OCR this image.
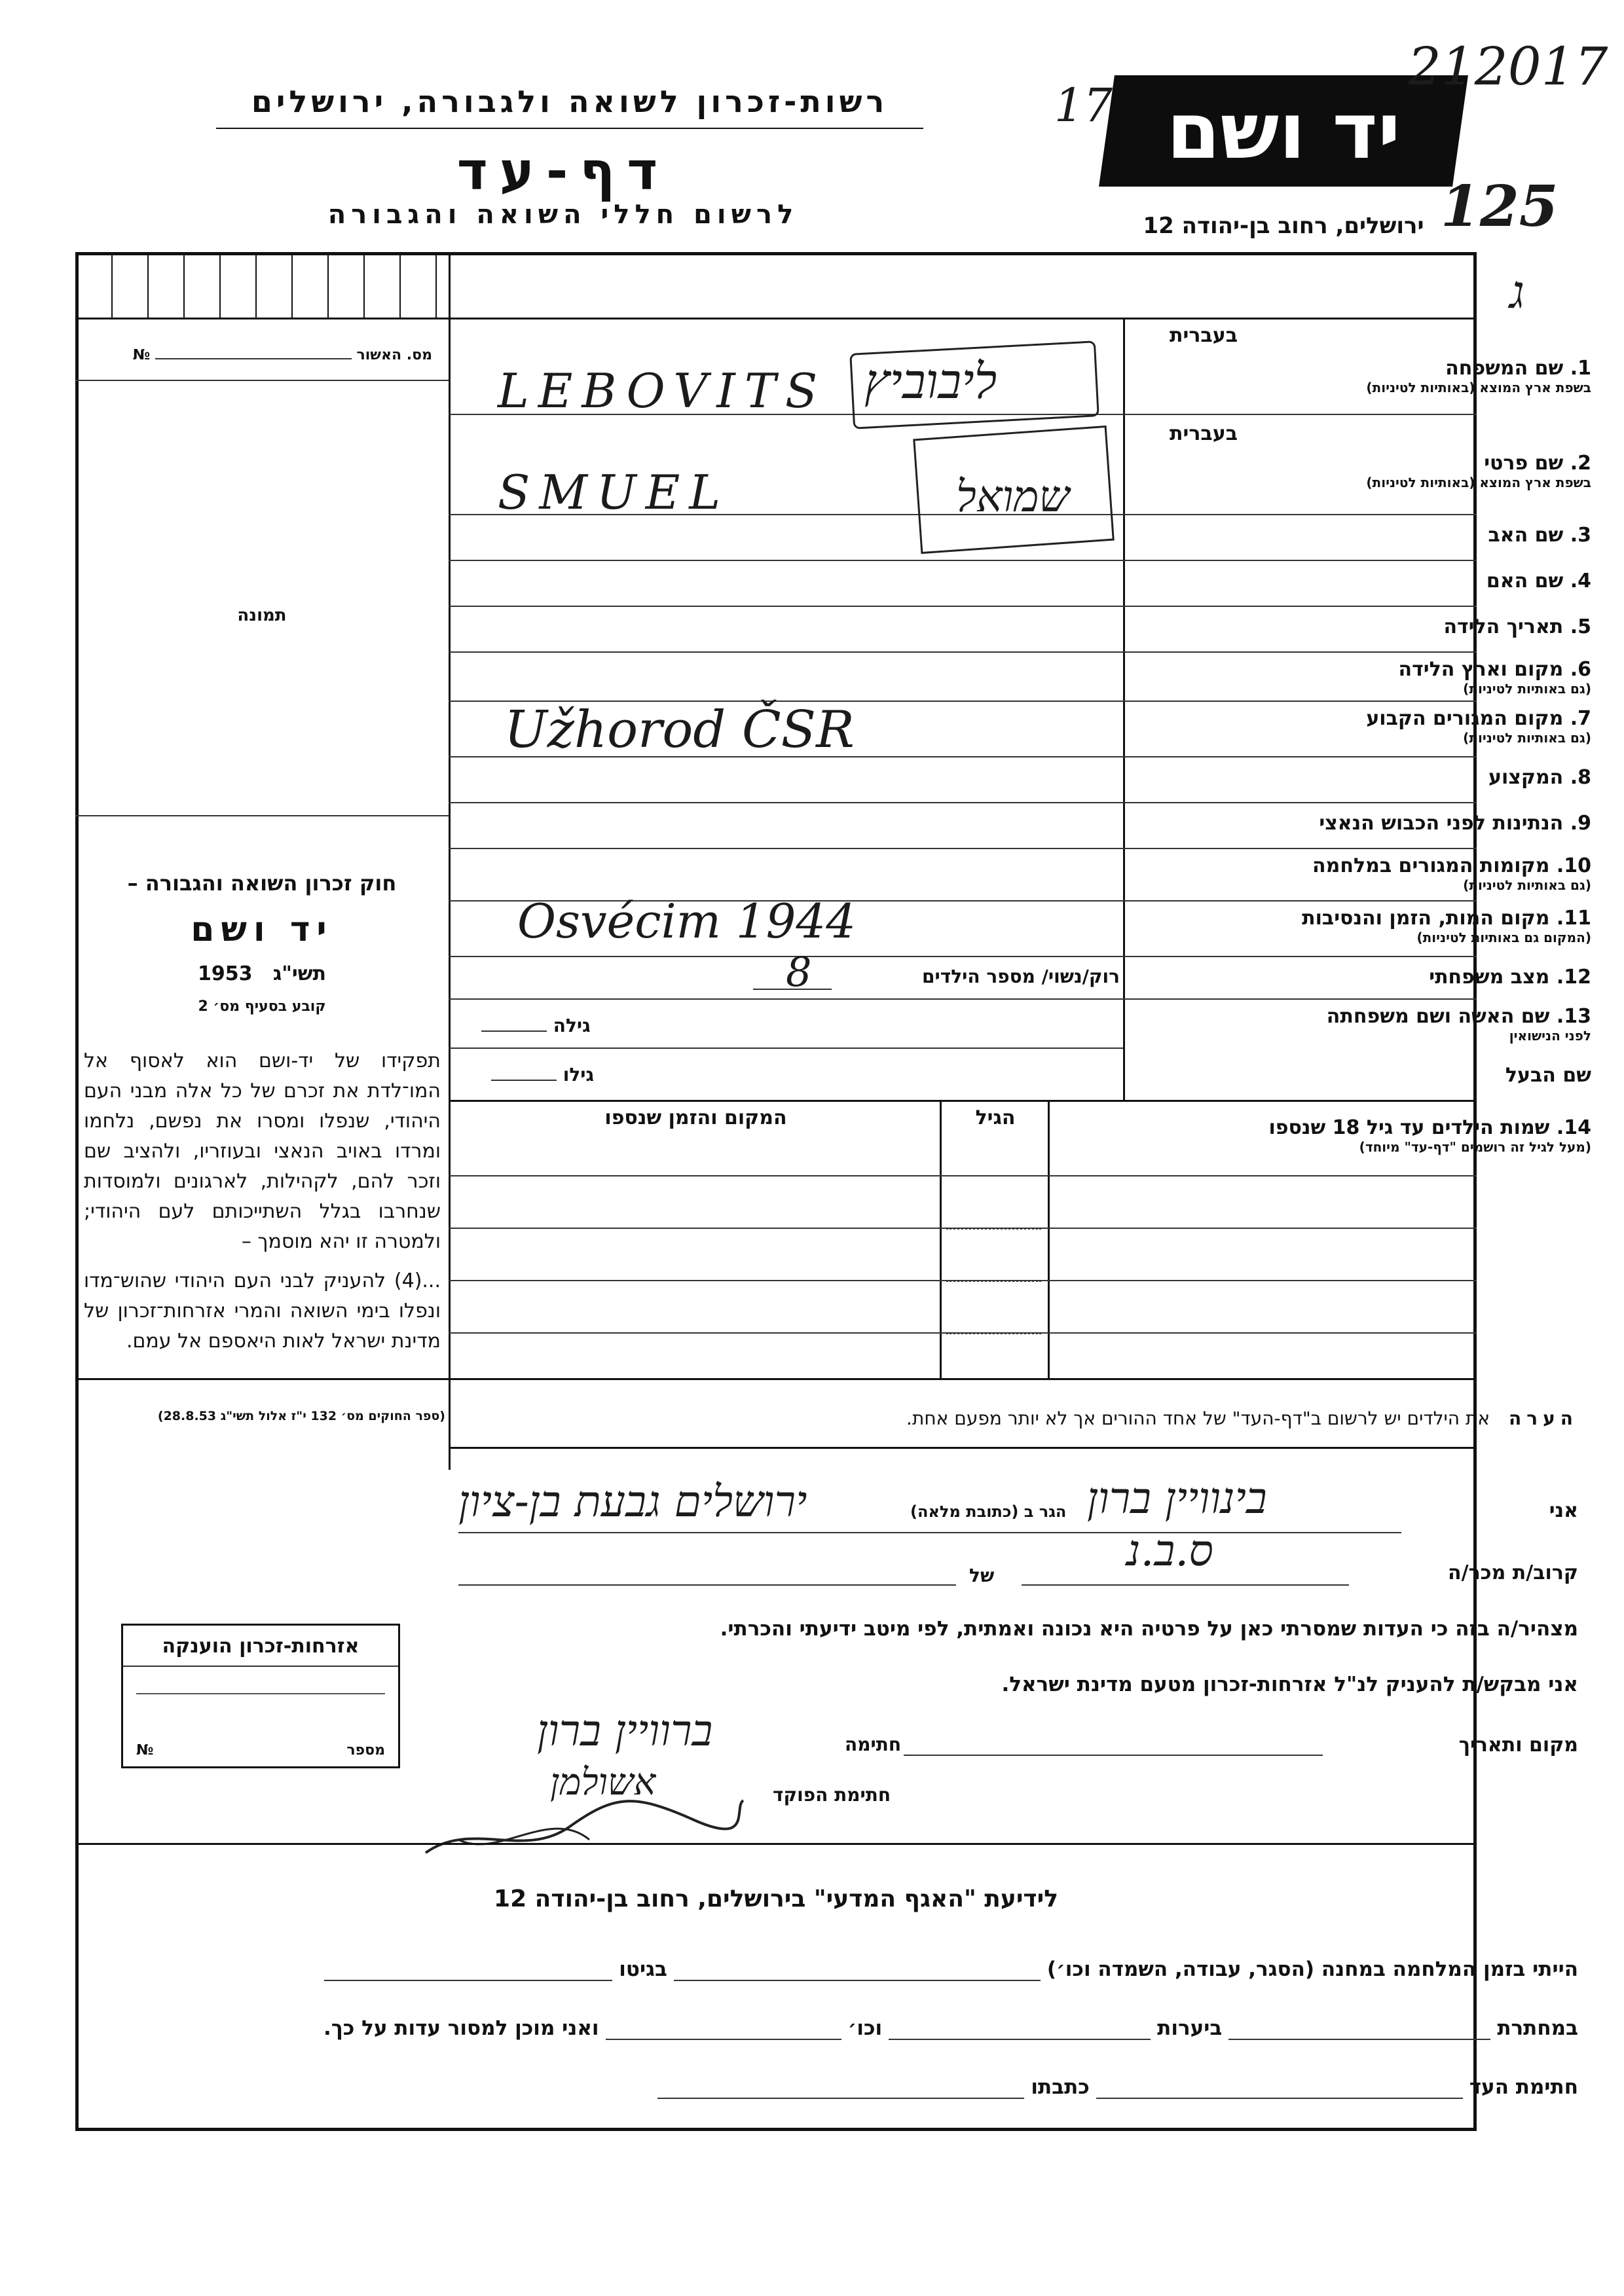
רשות-זכרון לשואה ולגבורה, ירושלים
דף-עד
לרשום חללי השואה והגבורה
יד ושם
17
212017
125
ג
ירושלים, רחוב בן-יהודה 12
מס. האשור  №
תמונה
חוק זכרון השואה והגבורה –
יד ושם
1953 תשי"ג
קובע בסעיף מס׳ 2
תפקידו של יד-ושם הוא לאסוף אל המו־לדת את זכרם של כל אלה מבני העם היהודי, שנפלו ומסרו את נפשם, נלחמו ומרדו באויב הנאצי ובעוזריו, ולהציב שם וזכר להם, לקהילות, לארגונים ולמוסדות שנחרבו בגלל השתייכותם לעם היהודי; ולמטרה זו יהא מוסמך –
...(4) להעניק לבני העם היהודי שהוש־מדו ונפלו בימי השואה והמרי אזרחות־זכרון של מדינת ישראל לאות היאספם אל עמם.
(ספר החוקים מס׳ 132 י"ז אלול תשי"ג 28.8.53)
אזרחות-זכרון הוענקה
מספר
№
בעברית
בעברית
1. שם המשפחה
בשפת ארץ המוצא (באותיות לטיניות)
2. שם פרטי
בשפת ארץ המוצא (באותיות לטיניות)
3. שם האב
4. שם האם
5. תאריך הלידה
6. מקום וארץ הלידה
(גם באותיות לטיניות)
7. מקום המגורים הקבוע
(גם באותיות לטיניות)
8. המקצוע
9. הנתינות לפני הכבוש הנאצי
10. מקומות המגורים במלחמה
(גם באותיות לטיניות)
11. מקום המות, הזמן והנסיבות
(המקום גם באותיות לטיניות)
12. מצב משפחתי
13. שם האשה ושם משפחתה
לפני הנישואין
שם הבעל
LEBOVITS ליבוביץ
SMUEL	שמואל
Užhorod ČSR
Osvécim 1944
רוק/נשוי/ מספר הילדים
8
גילה
גילו
14. שמות הילדים עד גיל 18 שנספו
(מעל לגיל זה רושמים "דף-עד" מיוחד)
הגיל
המקום והזמן שנספו
הערה את הילדים יש לרשום ב"דף-העד" של אחד ההורים אך לא יותר מפעם אחת.
אני
בינוויין ברון
הגר ב (כתובת מלאה)
ירושלים גבעת בן-ציון
קרוב/ת מכר/ה
ס.ב.נ
של
מצהיר/ה בזה כי העדות שמסרתי כאן על פרטיה היא נכונה ואמתית, לפי מיטב ידיעתי והכרתי.
אני מבקש/ת להעניק לנ"ל אזרחות-זכרון מטעם מדינת ישראל.
מקום ותאריך
חתימה
ברוויין ברון
חתימת הפוקד
אשולמן
לידיעת "האגף המדעי" בירושלים, רחוב בן-יהודה 12
הייתי בזמן המלחמה במחנה (הסגר, עבודה, השמדה וכו׳)
בגיטו
במחתרת
ביערות
וכו׳
ואני מוכן למסור עדות על כך.
חתימת העד
כתבתו
